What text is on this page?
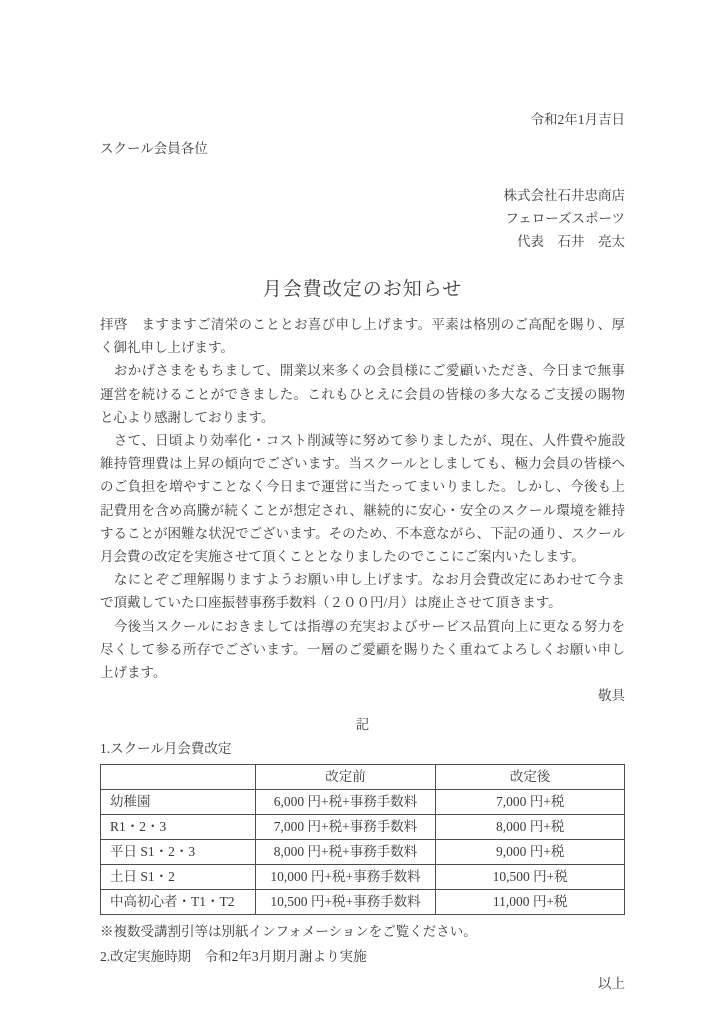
令和2年1月吉日
スクール会員各位
株式会社石井忠商店
フェローズスポーツ
代表　石井　亮太
月会費改定のお知らせ

拝啓　ますますご清栄のこととお喜び申し上げます。平素は格別のご高配を賜り、厚く御礼申し上げます。

　おかげさまをもちまして、開業以来多くの会員様にご愛顧いただき、今日まで無事運営を続けることができました。これもひとえに会員の皆様の多大なるご支援の賜物と心より感謝しております。

　さて、日頃より効率化・コスト削減等に努めて参りましたが、現在、人件費や施設維持管理費は上昇の傾向でございます。当スクールとしましても、極力会員の皆様へのご負担を増やすことなく今日まで運営に当たってまいりました。しかし、今後も上記費用を含め高騰が続くことが想定され、継続的に安心・安全のスクール環境を維持することが困難な状況でございます。そのため、不本意ながら、下記の通り、スクール月会費の改定を実施させて頂くこととなりましたのでここにご案内いたします。

　なにとぞご理解賜りますようお願い申し上げます。なお月会費改定にあわせて今まで頂戴していた口座振替事務手数料（２００円/月）は廃止させて頂きます。

　今後当スクールにおきましては指導の充実およびサービス品質向上に更なる努力を尽くして参る所存でございます。一層のご愛顧を賜りたく重ねてよろしくお願い申し上げます。

敬具
記
1.スクール月会費改定
	改定前	改定後
幼稚園	6,000 円+税+事務手数料	7,000 円+税
R1・2・3	7,000 円+税+事務手数料	8,000 円+税
平日 S1・2・3	8,000 円+税+事務手数料	9,000 円+税
土日 S1・2	10,000 円+税+事務手数料	10,500 円+税
中高初心者・T1・T2	10,500 円+税+事務手数料	11,000 円+税
※複数受講割引等は別紙インフォメーションをご覧ください。
2.改定実施時期　令和2年3月期月謝より実施
以上
